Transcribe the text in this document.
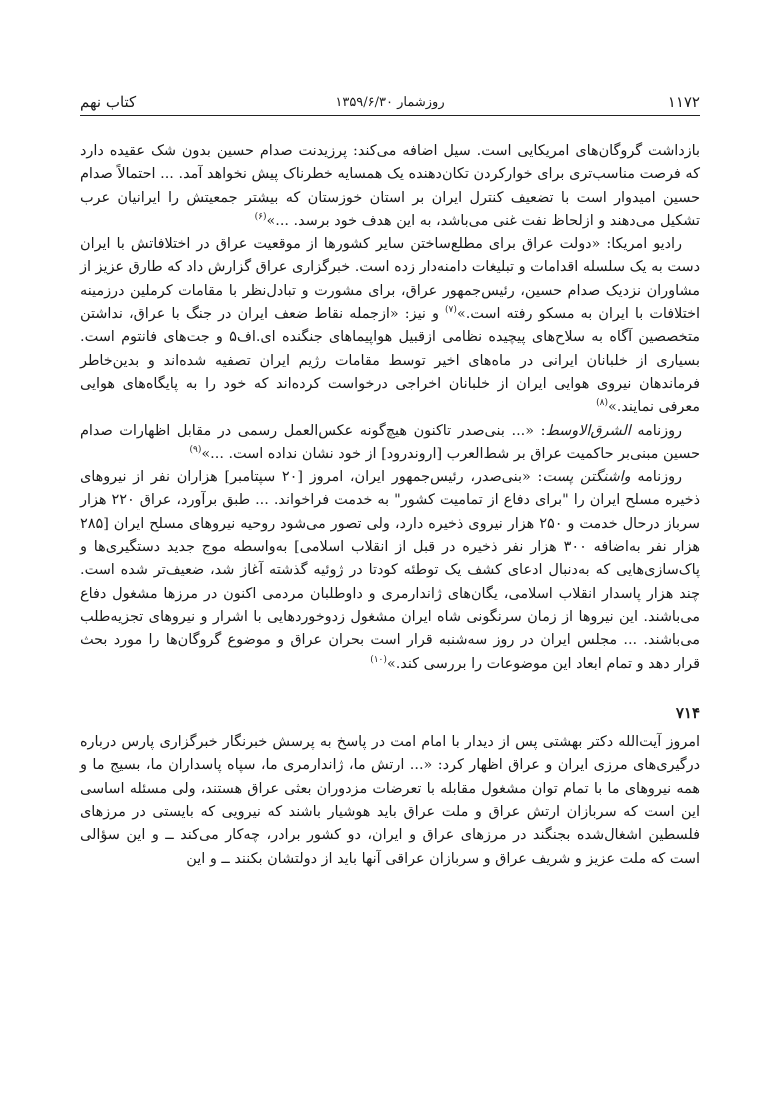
۱۱۷۲
روزشمار ۱۳۵۹/۶/۳۰
کتاب نهم

بازداشت گروگان‌های امریکایی است. سیل اضافه می‌کند: پرزیدنت صدام حسین بدون شک عقیده دارد که فرصت مناسب‌تری برای خوارکردن تکان‌دهنده یک همسایه خطرناک پیش نخواهد آمد. ... احتمالاً صدام حسین امیدوار است با تضعیف کنترل ایران بر استان خوزستان که بیشتر جمعیتش را ایرانیان عرب تشکیل می‌دهند و ازلحاظ نفت غنی می‌باشد، به این هدف خود برسد. ...»$^{(۶)}$

رادیو امریکا: «دولت عراق برای مطلع‌ساختن سایر کشورها از موقعیت عراق در اختلافاتش با ایران دست به یک سلسله اقدامات و تبلیغات دامنه‌دار زده است. خبرگزاری عراق گزارش داد که طارق عزیز از مشاوران نزدیک صدام حسین، رئیس‌جمهور عراق، برای مشورت و تبادل‌نظر با مقامات کرملین درزمینه اختلافات با ایران به مسکو رفته است.»$^{(۷)}$ و نیز: «ازجمله نقاط ضعف ایران در جنگ با عراق، نداشتن متخصصین آگاه به سلاح‌های پیچیده نظامی ازقبیل هواپیماهای جنگنده ای.اف۵ و جت‌های فانتوم است. بسیاری از خلبانان ایرانی در ماه‌های اخیر توسط مقامات رژیم ایران تصفیه شده‌اند و بدین‌خاطر فرماندهان نیروی هوایی ایران از خلبانان اخراجی درخواست کرده‌اند که خود را به پایگاه‌های هوایی معرفی نمایند.»$^{(۸)}$

روزنامه الشرق‌الاوسط: «... بنی‌صدر تاکنون هیچ‌گونه عکس‌العمل رسمی در مقابل اظهارات صدام حسین مبنی‌بر حاکمیت عراق بر شط‌العرب [اروندرود] از خود نشان نداده است. ...»$^{(۹)}$

روزنامه واشنگتن پست: «بنی‌صدر، رئیس‌جمهور ایران، امروز [۲۰ سپتامبر] هزاران نفر از نیروهای ذخیره مسلح ایران را "برای دفاع از تمامیت کشور" به خدمت فراخواند. ... طبق برآورد، عراق ۲۲۰ هزار سرباز درحال خدمت و ۲۵۰ هزار نیروی ذخیره دارد، ولی تصور می‌شود روحیه نیروهای مسلح ایران [۲۸۵ هزار نفر به‌اضافه ۳۰۰ هزار نفر ذخیره در قبل از انقلاب اسلامی] به‌واسطه موج جدید دستگیری‌ها و پاک‌سازی‌هایی که به‌دنبال ادعای کشف یک توطئه کودتا در ژوئیه گذشته آغاز شد، ضعیف‌تر شده است. چند هزار پاسدار انقلاب اسلامی، یگان‌های ژاندارمری و داوطلبان مردمی اکنون در مرزها مشغول دفاع می‌باشند. این نیروها از زمان سرنگونی شاه ایران مشغول زدوخوردهایی با اشرار و نیروهای تجزیه‌طلب می‌باشند. ... مجلس ایران در روز سه‌شنبه قرار است بحران عراق و موضوع گروگان‌ها را مورد بحث قرار دهد و تمام ابعاد این موضوعات را بررسی کند.»$^{(۱۰)}$

۷۱۴

امروز آیت‌الله دکتر بهشتی پس از دیدار با امام امت در پاسخ به پرسش خبرنگار خبرگزاری پارس درباره درگیری‌های مرزی ایران و عراق اظهار کرد: «... ارتش ما، ژاندارمری ما، سپاه پاسداران ما، بسیج ما و همه نیروهای ما با تمام توان مشغول مقابله با تعرضات مزدوران بعثی عراق هستند، ولی مسئله اساسی این است که سربازان ارتش عراق و ملت عراق باید هوشیار باشند که نیرویی که بایستی در مرزهای فلسطین اشغال‌شده بجنگند در مرزهای عراق و ایران، دو کشور برادر، چه‌کار می‌کند ــ و این سؤالی است که ملت عزیز و شریف عراق و سربازان عراقی آنها باید از دولتشان بکنند ــ و این
